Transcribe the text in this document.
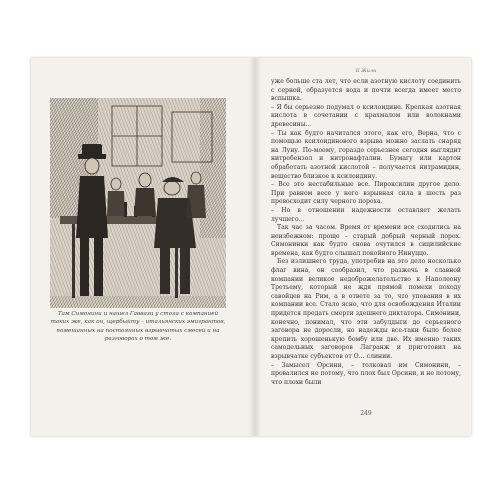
Там Симонини и нашел Гаввази у стола с компанией таких же, как он, щербыйту – итальянских эмигрантов, помешанных на постоянных взрывчатых смесей и на разговорах о том же.
II Жили

уже больше ста лет, что если азотную кислоту соединить с серной, образуется вода и почти всегда имеет место вспышка.

– Я бы серьезно подумал о ксилоидине. Крепкая азотная кислота в сочетании с крахмалом или волокнами древесины…

– Ты как будто начитался этого, как его, Верна, что с помощью ксилоидинового взрыва можно заслать снаряд на Луну. По-моему, гораздо серьезнее сегодня выглядит нитробензол и нитронафталин. Бумагу или картон обработать азотной кислотой – получается нитрамидин, вещество близкое к ксилоидину.

– Все это нестабильные все. Пироксилин другое дело. При равном весе у него взрывная сила в шесть раз превосходит силу черного пороха.

– Но в отношении надежности оставляет желать лучшего…

Так час за часом. Время от времени все сходились на неизбежном: проще – старый добрый черный порох. Симонинки как будто снова очутился в сицилийские времена, как будто слышал покойного Нинуццо.

Без излишнего труда, употребив на это дело несколько флаг вина, он сообразил, что разжечь в славной компании великое недоброжелательство к Наполеону Третьему, который не ждя прямой помехи походу савойцев на Рим, а в ответе за то, что упования в их компании все. Стало ясно, что для освобождения Италии придется предать смерти здешнего диктатора. Симонини, конечно, понимал, что эти забулдыги до серьезного заговора не доросли, но надежды все-таки было более крепить хорошенькую бомбу или две. Их именно таких самодельных заговоров Лагранж и приготовил на взрывчатке субъектов от О… слинии.

– Замысел Орсини, – толковал им Симонини, – провалился не потому, что плох был Орсини, и не потому, что плохи были

249
